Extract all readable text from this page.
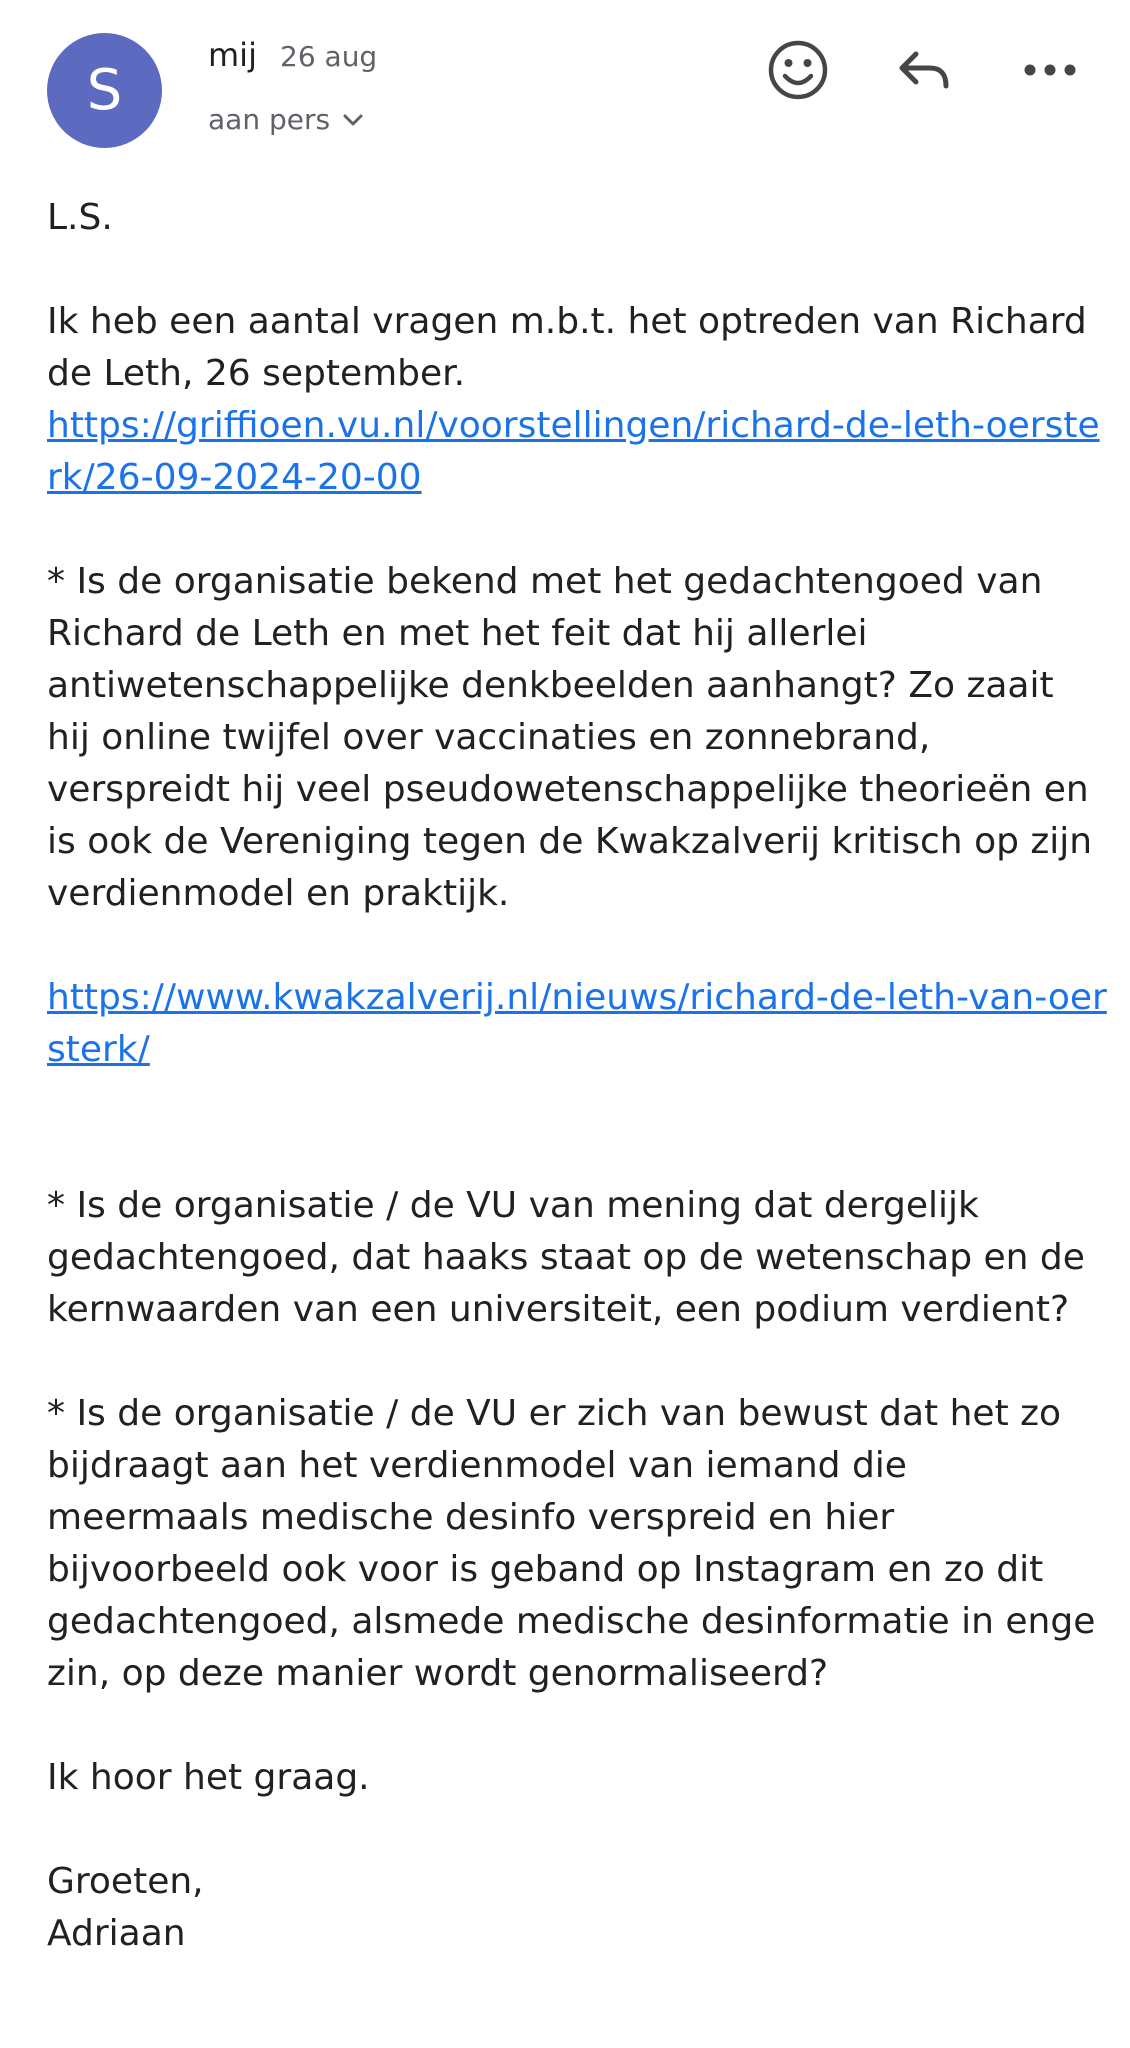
S
mij 26 aug
aan pers

L.S.

Ik heb een aantal vragen m.b.t. het optreden van Richard de Leth, 26 september.

https://griffioen.vu.nl/voorstellingen/richard-de-leth-oersterk/26-09-2024-20-00

* Is de organisatie bekend met het gedachtengoed van Richard de Leth en met het feit dat hij allerlei antiwetenschappelijke denkbeelden aanhangt? Zo zaait hij online twijfel over vaccinaties en zonnebrand, verspreidt hij veel pseudowetenschappelijke theorieën en is ook de Vereniging tegen de Kwakzalverij kritisch op zijn verdienmodel en praktijk.

https://www.kwakzalverij.nl/nieuws/richard-de-leth-van-oersterk/

* Is de organisatie / de VU van mening dat dergelijk gedachtengoed, dat haaks staat op de wetenschap en de kernwaarden van een universiteit, een podium verdient?

* Is de organisatie / de VU er zich van bewust dat het zo bijdraagt aan het verdienmodel van iemand die meermaals medische desinfo verspreid en hier bijvoorbeeld ook voor is geband op Instagram en zo dit gedachtengoed, alsmede medische desinformatie in enge zin, op deze manier wordt genormaliseerd?

Ik hoor het graag.

Groeten,

Adriaan
